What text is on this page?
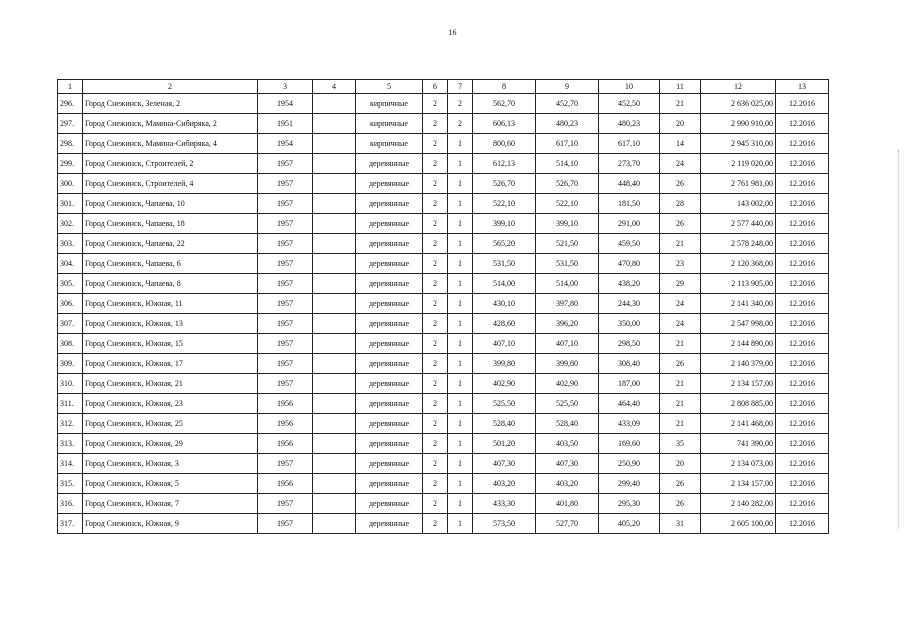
16
1	2	3	4	5	6	7	8	9	10	11	12	13
296.	Город Снежинск, Зеленая, 2	1954		кирпичные	2	2	562,70	452,70	452,50	21	2 636 025,00	12.2016
297.	Город Снежинск, Мамина-Сибиряка, 2	1951		кирпичные	2	2	606,13	480,23	480,23	20	2 990 910,00	12.2016
298.	Город Снежинск, Мамина-Сибиряка, 4	1954		кирпичные	2	1	800,60	617,10	617,10	14	2 945 310,00	12.2016
299.	Город Снежинск, Строителей, 2	1957		деревянные	2	1	612,13	514,10	273,70	24	2 119 020,00	12.2016
300.	Город Снежинск, Строителей, 4	1957		деревянные	2	1	526,70	526,70	448,40	26	2 761 981,00	12.2016
301.	Город Снежинск, Чапаева, 10	1957		деревянные	2	1	522,10	522,10	181,50	28	143 002,00	12.2016
302.	Город Снежинск, Чапаева, 18	1957		деревянные	2	1	399,10	399,10	291,00	26	2 577 440,00	12.2016
303.	Город Снежинск, Чапаева, 22	1957		деревянные	2	1	565,20	521,50	459,50	21	2 578 248,00	12.2016
304.	Город Снежинск, Чапаева, 6	1957		деревянные	2	1	531,50	531,50	470,80	23	2 120 368,00	12.2016
305.	Город Снежинск, Чапаева, 8	1957		деревянные	2	1	514,00	514,00	438,20	29	2 113 905,00	12.2016
306.	Город Снежинск, Южная, 11	1957		деревянные	2	1	430,10	397,80	244,30	24	2 141 340,00	12.2016
307.	Город Снежинск, Южная, 13	1957		деревянные	2	1	428,60	396,20	350,00	24	2 547 998,00	12.2016
308.	Город Снежинск, Южная, 15	1957		деревянные	2	1	407,10	407,10	298,50	21	2 144 890,00	12.2016
309.	Город Снежинск, Южная, 17	1957		деревянные	2	1	399,80	399,80	308,40	26	2 140 379,00	12.2016
310.	Город Снежинск, Южная, 21	1957		деревянные	2	1	402,90	402,90	187,00	21	2 134 157,00	12.2016
311.	Город Снежинск, Южная, 23	1956		деревянные	2	1	525,50	525,50	464,40	21	2 808 885,00	12.2016
312.	Город Снежинск, Южная, 25	1956		деревянные	2	1	528,40	528,40	433,09	21	2 141 468,00	12.2016
313.	Город Снежинск, Южная, 29	1956		деревянные	2	1	501,20	403,50	169,60	35	741 390,00	12.2016
314.	Город Снежинск, Южная, 3	1957		деревянные	2	1	407,30	407,30	250,90	20	2 134 073,00	12.2016
315.	Город Снежинск, Южная, 5	1956		деревянные	2	1	403,20	403,20	299,40	26	2 134 157,00	12.2016
316.	Город Снежинск, Южная, 7	1957		деревянные	2	1	433,30	401,80	295,30	26	2 140 282,00	12.2016
317.	Город Снежинск, Южная, 9	1957		деревянные	2	1	573,50	527,70	405,20	31	2 605 100,00	12.2016
